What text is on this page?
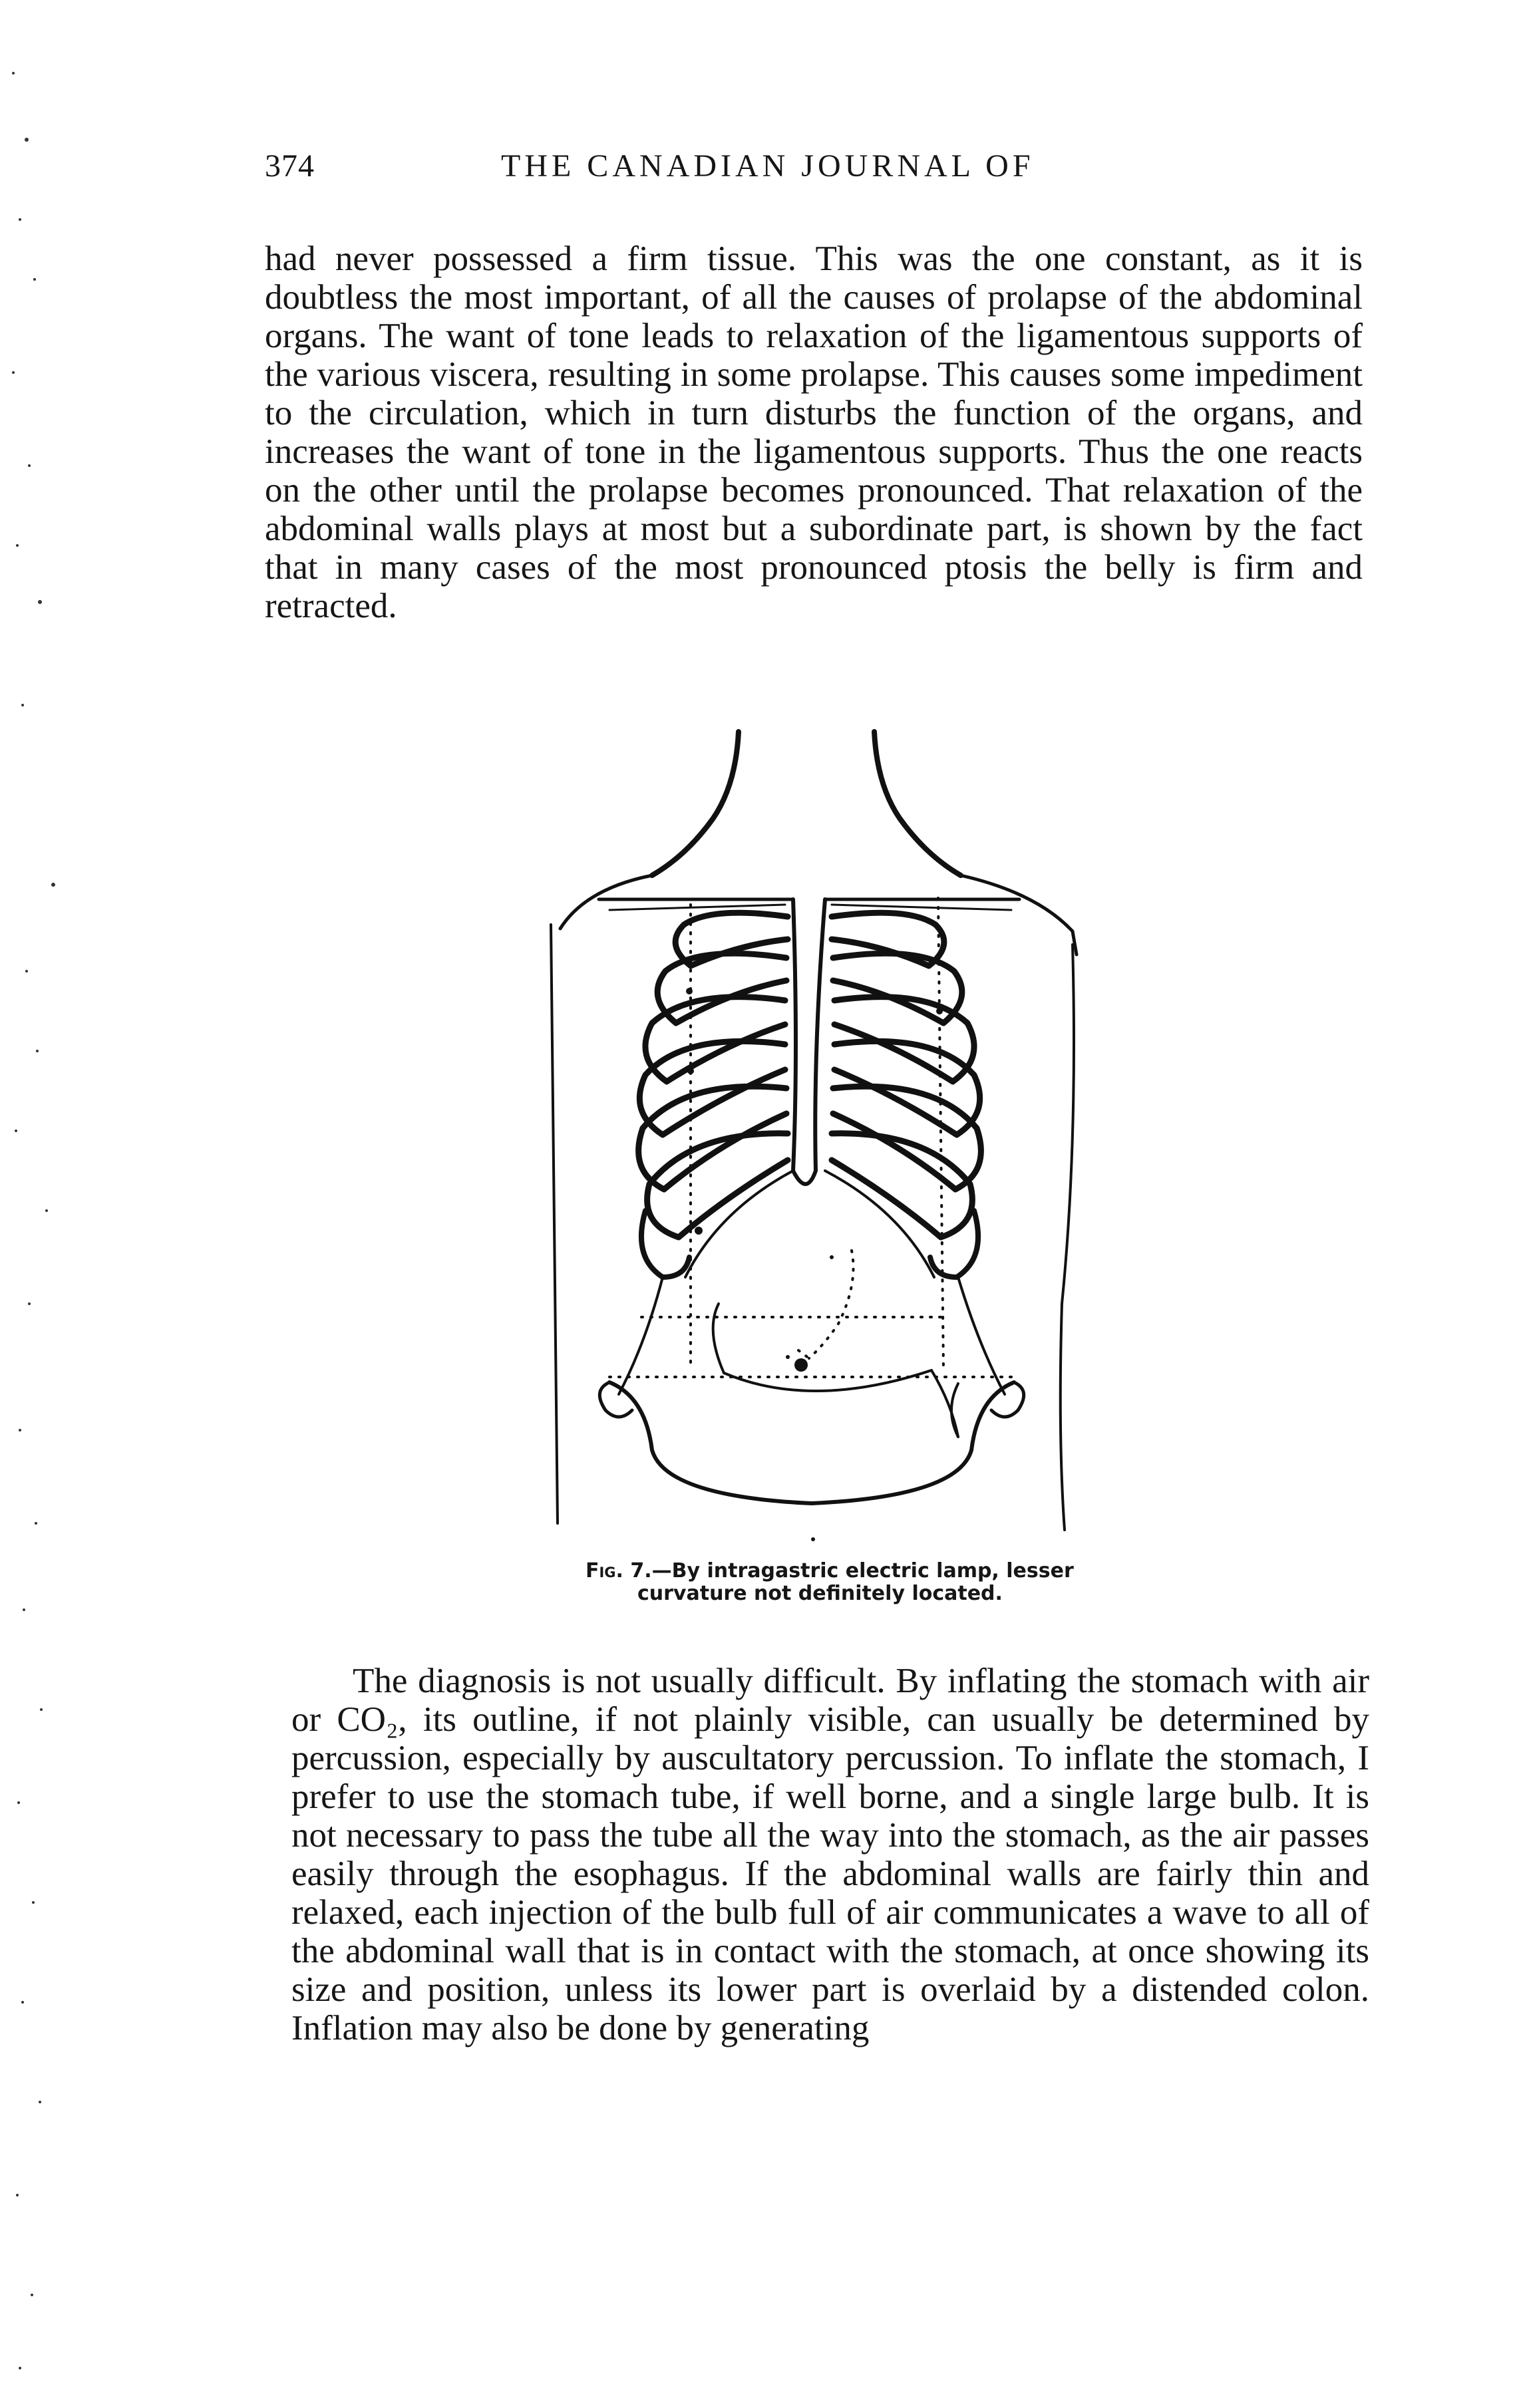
374	THE CANADIAN JOURNAL OF

had never possessed a firm tissue. This was the one constant, as it is doubtless the most important, of all the causes of prolapse of the abdominal organs. The want of tone leads to relaxation of the ligamentous supports of the various viscera, resulting in some prolapse. This causes some impediment to the circulation, which in turn disturbs the function of the organs, and increases the want of tone in the ligamentous supports. Thus the one reacts on the other until the prolapse becomes pronounced. That relaxation of the abdominal walls plays at most but a subordinate part, is shown by the fact that in many cases of the most pronounced ptosis the belly is firm and retracted.

Fig. 7.—By intragastric electric lamp, lesser
curvature not definitely located.

The diagnosis is not usually difficult. By inflating the stomach with air or CO₂, its outline, if not plainly visible, can usually be determined by percussion, especially by auscultatory percussion. To inflate the stomach, I prefer to use the stomach tube, if well borne, and a single large bulb. It is not necessary to pass the tube all the way into the stomach, as the air passes easily through the esophagus. If the abdominal walls are fairly thin and relaxed, each injection of the bulb full of air communicates a wave to all of the abdominal wall that is in contact with the stomach, at once showing its size and position, unless its lower part is overlaid by a distended colon. Inflation may also be done by generating
